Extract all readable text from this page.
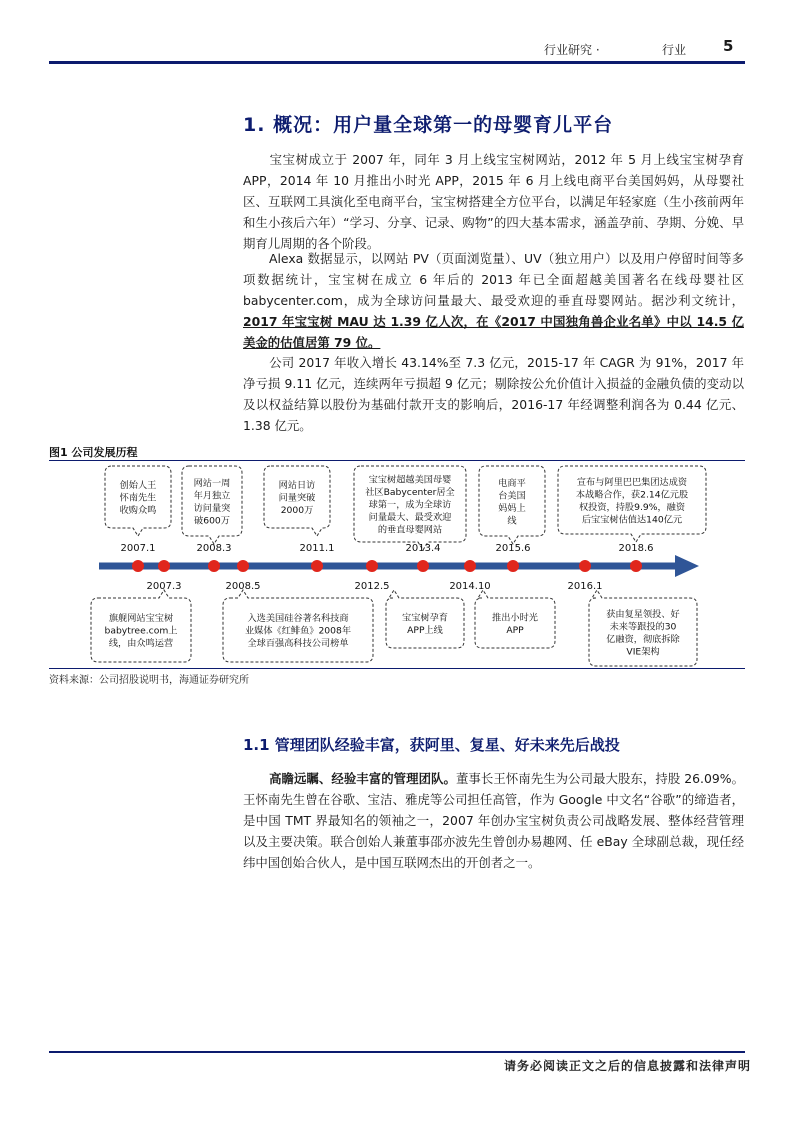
行业研究 ·	行业 5
1. 概况：用户量全球第一的母婴育儿平台

宝宝树成立于 2007 年，同年 3 月上线宝宝树网站，2012 年 5 月上线宝宝树孕育 APP，2014 年 10 月推出小时光 APP，2015 年 6 月上线电商平台美国妈妈，从母婴社区、互联网工具演化至电商平台，宝宝树搭建全方位平台，以满足年轻家庭（生小孩前两年和生小孩后六年）“学习、分享、记录、购物”的四大基本需求，涵盖孕前、孕期、分娩、早期育儿周期的各个阶段。

Alexa 数据显示，以网站 PV（页面浏览量）、UV（独立用户）以及用户停留时间等多项数据统计，宝宝树在成立 6 年后的 2013 年已全面超越美国著名在线母婴社区 babycenter.com，成为全球访问量最大、最受欢迎的垂直母婴网站。据沙利文统计，2017 年宝宝树 MAU 达 1.39 亿人次，在《2017 中国独角兽企业名单》中以 14.5 亿美金的估值居第 79 位。

公司 2017 年收入增长 43.14%至 7.3 亿元，2015-17 年 CAGR 为 91%，2017 年净亏损 9.11 亿元，连续两年亏损超 9 亿元；剔除按公允价值计入损益的金融负债的变动以及以权益结算以股份为基础付款开支的影响后，2016-17 年经调整利润各为 0.44 亿元、1.38 亿元。

图1 公司发展历程
创始人王
怀南先生
收购众鸣
2007.1
网站一周
年月独立
访问量突
破600万
2008.3
网站日访
问量突破
2000万
2011.1
宝宝树超越美国母婴
社区Babycenter居全
球第一，成为全球访
问量最大、最受欢迎
的垂直母婴网站
2013.4
电商平
台美国
妈妈上
线
2015.6
宣布与阿里巴巴集团达成资
本战略合作，获2.14亿元股
权投资，持股9.9%，融资
后宝宝树估值达140亿元
2018.6
旗舰网站宝宝树
babytree.com上
线，由众鸣运营
2007.3
入选美国硅谷著名科技商
业媒体《红鲱鱼》2008年
全球百强高科技公司榜单
2008.5
宝宝树孕育
APP上线
2012.5
推出小时光
APP
2014.10
获由复星领投、好
未来等跟投的30
亿融资，彻底拆除
VIE架构
2016.1
资料来源：公司招股说明书，海通证券研究所
1.1 管理团队经验丰富，获阿里、复星、好未来先后战投

高瞻远瞩、经验丰富的管理团队。董事长王怀南先生为公司最大股东，持股 26.09%。王怀南先生曾在谷歌、宝洁、雅虎等公司担任高管，作为 Google 中文名“谷歌”的缔造者，是中国 TMT 界最知名的领袖之一，2007 年创办宝宝树负责公司战略发展、整体经营管理以及主要决策。联合创始人兼董事邵亦波先生曾创办易趣网、任 eBay 全球副总裁，现任经纬中国创始合伙人，是中国互联网杰出的开创者之一。

请务必阅读正文之后的信息披露和法律声明
